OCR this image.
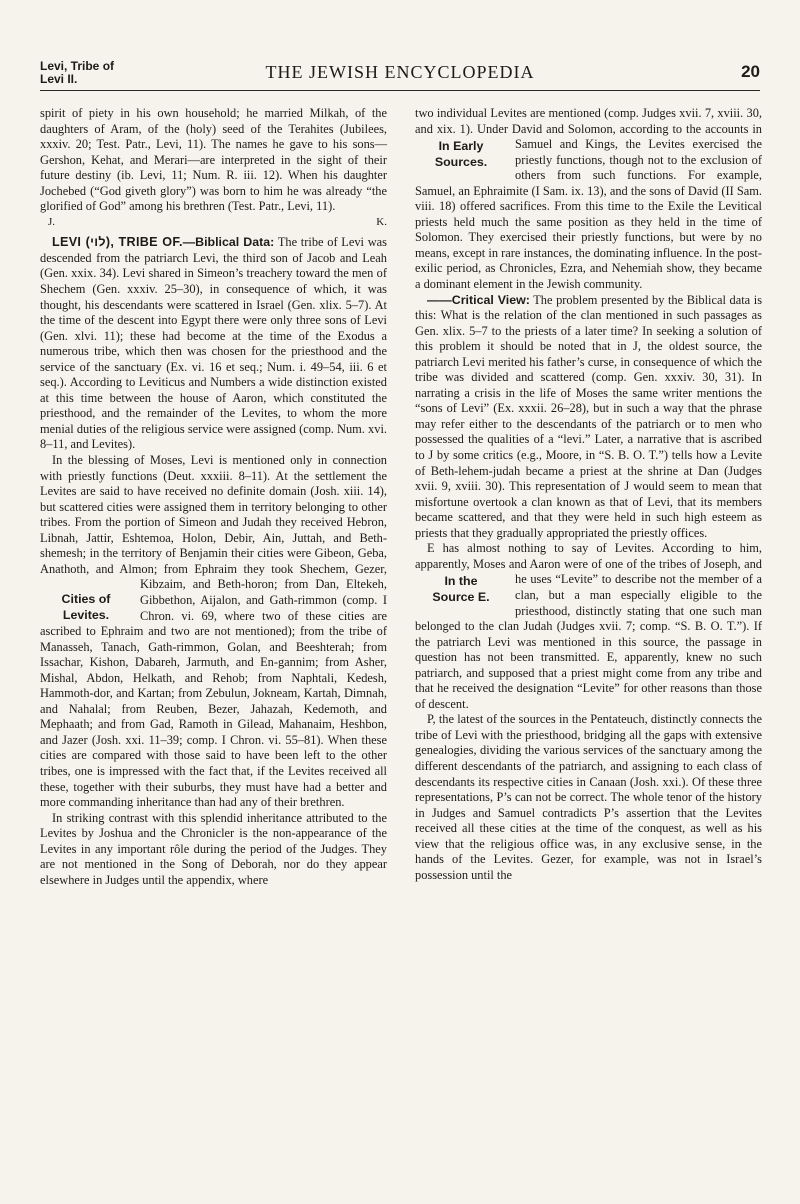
Levi, Tribe of
Levi II.	THE JEWISH ENCYCLOPEDIA	20

spirit of piety in his own household; he married Milkah, of the daughters of Aram, of the (holy) seed of the Terahites (Jubilees, xxxiv. 20; Test. Patr., Levi, 11). The names he gave to his sons—Gershon, Kehat, and Merari—are interpreted in the sight of their future destiny (ib. Levi, 11; Num. R. iii. 12). When his daughter Jochebed (“God giveth glory”) was born to him he was already “the glorified of God” among his brethren (Test. Patr., Levi, 11).

J.	K.

LEVI (לוי), TRIBE OF.—Biblical Data: The tribe of Levi was descended from the patriarch Levi, the third son of Jacob and Leah (Gen. xxix. 34). Levi shared in Simeon’s treachery toward the men of Shechem (Gen. xxxiv. 25–30), in consequence of which, it was thought, his descendants were scattered in Israel (Gen. xlix. 5–7). At the time of the descent into Egypt there were only three sons of Levi (Gen. xlvi. 11); these had become at the time of the Exodus a numerous tribe, which then was chosen for the priesthood and the service of the sanctuary (Ex. vi. 16 et seq.; Num. i. 49–54, iii. 6 et seq.). According to Leviticus and Numbers a wide distinction existed at this time between the house of Aaron, which constituted the priesthood, and the remainder of the Levites, to whom the more menial duties of the religious service were assigned (comp. Num. xvi. 8–11, and Levites).

In the blessing of Moses, Levi is mentioned only in connection with priestly functions (Deut. xxxiii. 8–11). At the settlement the Levites are said to have received no definite domain (Josh. xiii. 14), but scattered cities were assigned them in territory belonging to other tribes. From the portion of Simeon and Judah they received Hebron, Libnah, Jattir, Eshtemoa, Holon, Debir, Ain, Juttah, and Beth-shemesh; in the territory of Benjamin their cities were Gibeon, Geba, Anathoth, and Almon; from Ephraim they took Shechem, Gezer, Kibzaim,
Cities of
Levites.
and Beth-horon; from Dan, Eltekeh, Gibbethon, Aijalon, and Gath-rimmon (comp. I Chron. vi. 69, where two of these cities are ascribed to Ephraim and two are not mentioned); from the tribe of Manasseh, Tanach, Gath-rimmon, Golan, and Beeshterah; from Issachar, Kishon, Dabareh, Jarmuth, and En-gannim; from Asher, Mishal, Abdon, Helkath, and Rehob; from Naphtali, Kedesh, Hammoth-dor, and Kartan; from Zebulun, Jokneam, Kartah, Dimnah, and Nahalal; from Reuben, Bezer, Jahazah, Kedemoth, and Mephaath; and from Gad, Ramoth in Gilead, Mahanaim, Heshbon, and Jazer (Josh. xxi. 11–39; comp. I Chron. vi. 55–81). When these cities are compared with those said to have been left to the other tribes, one is impressed with the fact that, if the Levites received all these, together with their suburbs, they must have had a better and more commanding inheritance than had any of their brethren.

In striking contrast with this splendid inheritance attributed to the Levites by Joshua and the Chronicler is the non-appearance of the Levites in any important rôle during the period of the Judges. They are not mentioned in the Song of Deborah, nor do they appear elsewhere in Judges until the appendix, where

two individual Levites are mentioned (comp. Judges xvii. 7, xviii. 30, and xix. 1). Under David and Solomon, according to the accounts in
In Early
Sources.
Samuel and Kings, the Levites exercised the priestly functions, though not to the exclusion of others from such functions. For example, Samuel, an Ephraimite (I Sam. ix. 13), and the sons of David (II Sam. viii. 18) offered sacrifices. From this time to the Exile the Levitical priests held much the same position as they held in the time of Solomon. They exercised their priestly functions, but were by no means, except in rare instances, the dominating influence. In the post-exilic period, as Chronicles, Ezra, and Nehemiah show, they became a dominant element in the Jewish community.

——Critical View: The problem presented by the Biblical data is this: What is the relation of the clan mentioned in such passages as Gen. xlix. 5–7 to the priests of a later time? In seeking a solution of this problem it should be noted that in J, the oldest source, the patriarch Levi merited his father’s curse, in consequence of which the tribe was divided and scattered (comp. Gen. xxxiv. 30, 31). In narrating a crisis in the life of Moses the same writer mentions the “sons of Levi” (Ex. xxxii. 26–28), but in such a way that the phrase may refer either to the descendants of the patriarch or to men who possessed the qualities of a “levi.” Later, a narrative that is ascribed to J by some critics (e.g., Moore, in “S. B. O. T.”) tells how a Levite of Beth-lehem-judah became a priest at the shrine at Dan (Judges xvii. 9, xviii. 30). This representation of J would seem to mean that misfortune overtook a clan known as that of Levi, that its members became scattered, and that they were held in such high esteem as priests that they gradually appropriated the priestly offices.

E has almost nothing to say of Levites. According to him, apparently, Moses and Aaron were of one of the tribes of Joseph, and he uses
In the
Source E.
“Levite” to describe not the member of a clan, but a man especially eligible to the priesthood, distinctly stating that one such man belonged to the clan Judah (Judges xvii. 7; comp. “S. B. O. T.”). If the patriarch Levi was mentioned in this source, the passage in question has not been transmitted. E, apparently, knew no such patriarch, and supposed that a priest might come from any tribe and that he received the designation “Levite” for other reasons than those of descent.

P, the latest of the sources in the Pentateuch, distinctly connects the tribe of Levi with the priesthood, bridging all the gaps with extensive genealogies, dividing the various services of the sanctuary among the different descendants of the patriarch, and assigning to each class of descendants its respective cities in Canaan (Josh. xxi.). Of these three representations, P’s can not be correct. The whole tenor of the history in Judges and Samuel contradicts P’s assertion that the Levites received all these cities at the time of the conquest, as well as his view that the religious office was, in any exclusive sense, in the hands of the Levites. Gezer, for example, was not in Israel’s possession until the
